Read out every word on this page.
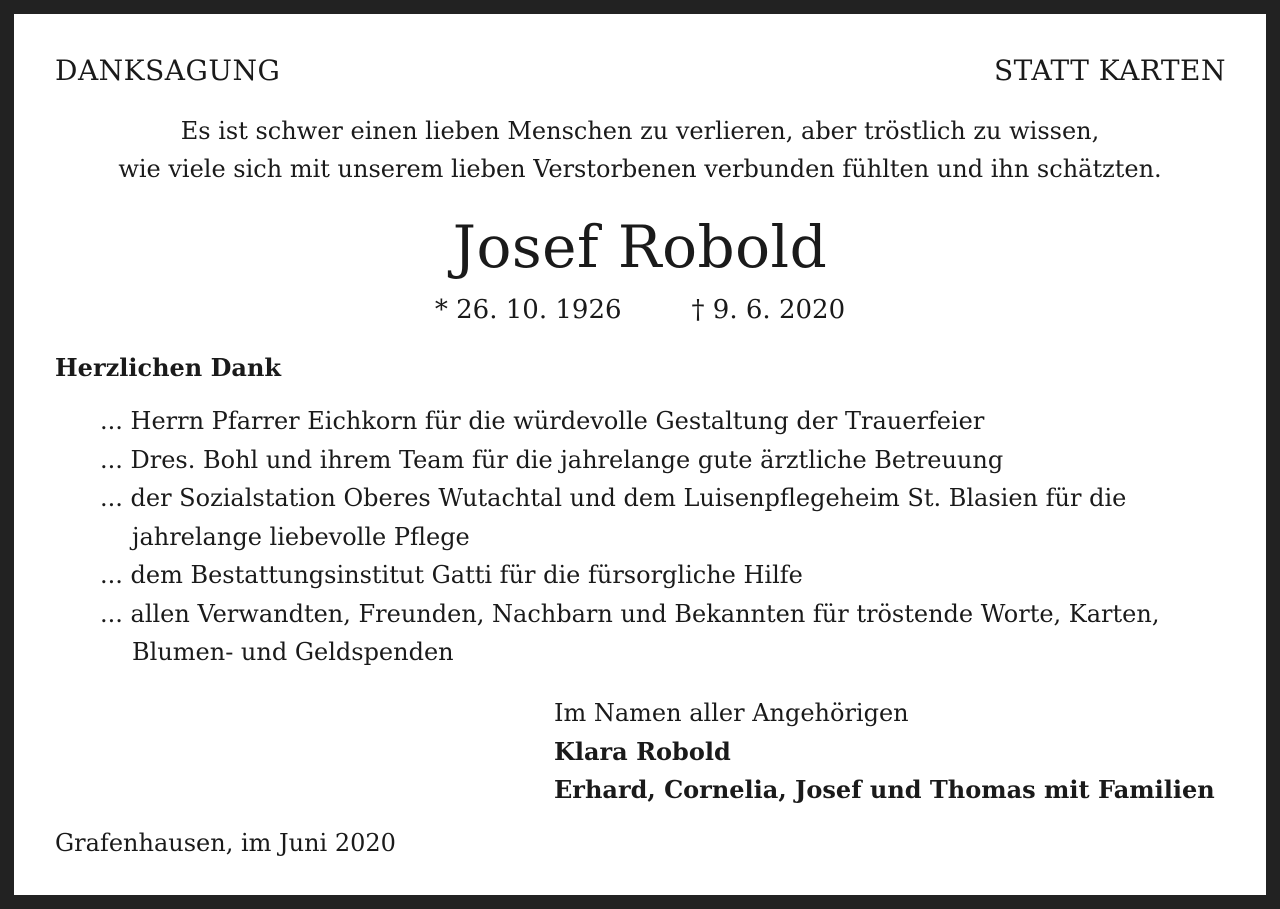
DANKSAGUNG	STATT KARTEN

Es ist schwer einen lieben Menschen zu verlieren, aber tröstlich zu wissen,

wie viele sich mit unserem lieben Verstorbenen verbunden fühlten und ihn schätzten.

Josef Robold
* 26. 10. 1926	† 9. 6. 2020

Herzlichen Dank

... Herrn Pfarrer Eichkorn für die würdevolle Gestaltung der Trauerfeier
... Dres. Bohl und ihrem Team für die jahrelange gute ärztliche Betreuung
... der Sozialstation Oberes Wutachtal und dem Luisenpflegeheim St. Blasien für die jahrelange liebevolle Pflege
... dem Bestattungsinstitut Gatti für die fürsorgliche Hilfe
... allen Verwandten, Freunden, Nachbarn und Bekannten für tröstende Worte, Karten, Blumen- und Geldspenden
Im Namen aller Angehörigen
Klara Robold
Erhard, Cornelia, Josef und Thomas mit Familien

Grafenhausen, im Juni 2020
